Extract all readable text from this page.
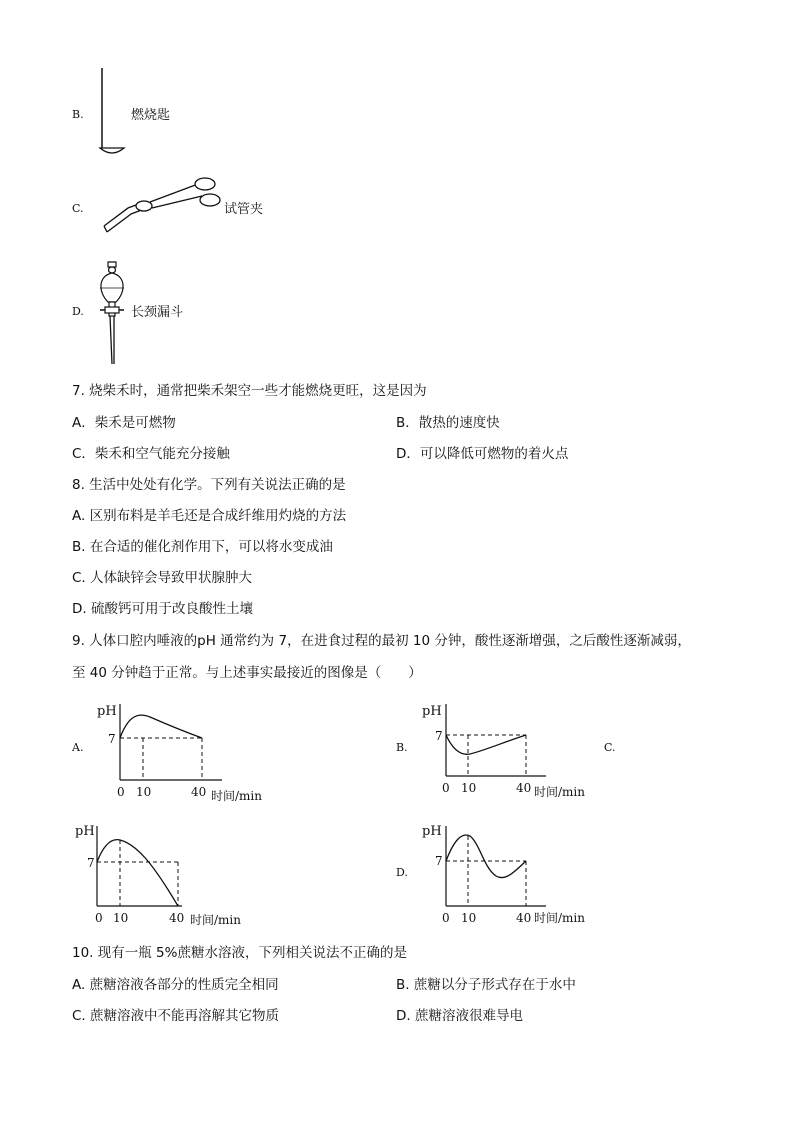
B.	燃烧匙
C.	试管夹
D.	长颈漏斗
7. 烧柴禾时，通常把柴禾架空一些才能燃烧更旺，这是因为
A．柴禾是可燃物	B．散热的速度快
C．柴禾和空气能充分接触	D．可以降低可燃物的着火点
8. 生活中处处有化学。下列有关说法正确的是
A. 区别布料是羊毛还是合成纤维用灼烧的方法
B. 在合适的催化剂作用下，可以将水变成油
C. 人体缺锌会导致甲状腺肿大
D. 硫酸钙可用于改良酸性土壤
9. 人体口腔内唾液的pH 通常约为 7，在进食过程的最初 10 分钟，酸性逐渐增强，之后酸性逐渐减弱，
至 40 分钟趋于正常。与上述事实最接近的图像是（　　）
A.
pH
7
0 10	40 时间/min
B.
pH
7
0 10	40 时间/min
C.
pH
7
0 10	40 时间/min
D.
pH
7
0 10	40 时间/min
10. 现有一瓶 5%蔗糖水溶液，下列相关说法不正确的是
A. 蔗糖溶液各部分的性质完全相同	B. 蔗糖以分子形式存在于水中
C. 蔗糖溶液中不能再溶解其它物质	D. 蔗糖溶液很难导电
